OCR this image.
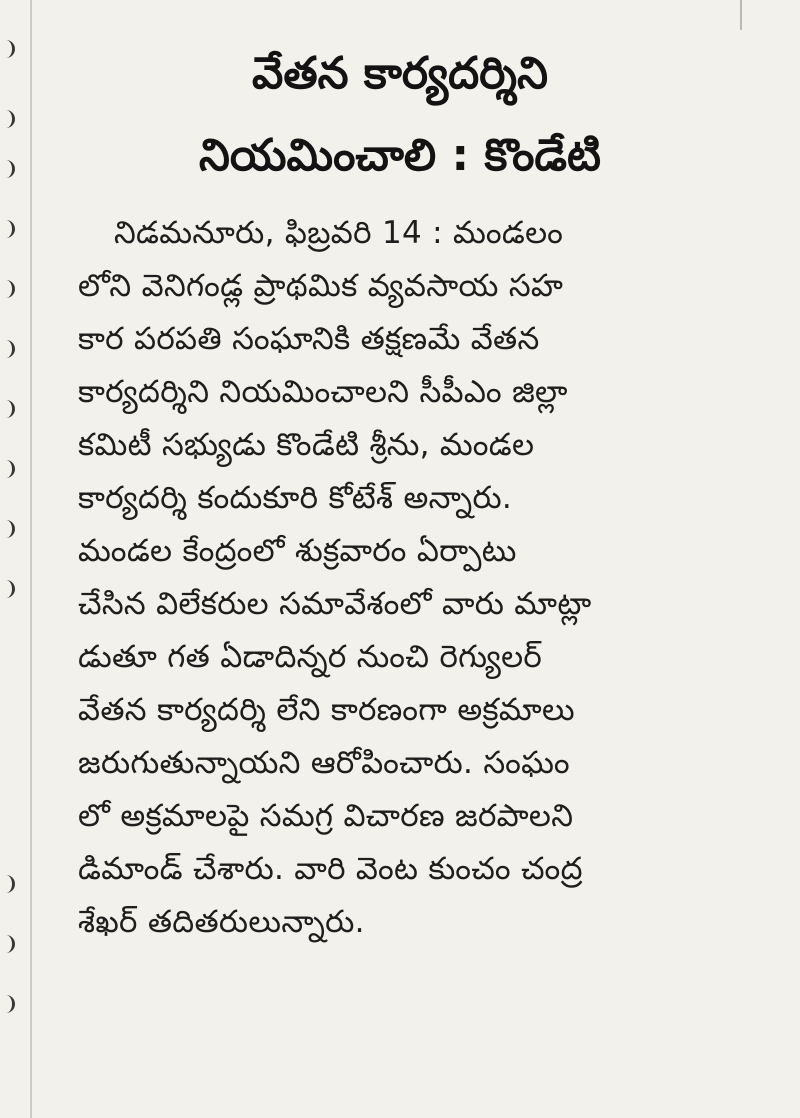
వేతన కార్యదర్శిని
నియమించాలి : కొండేటి
నిడమనూరు, ఫిబ్రవరి 14 : మండలం
లోని వెనిగండ్ల ప్రాథమిక వ్యవసాయ సహ
కార పరపతి సంఘానికి తక్షణమే వేతన
కార్యదర్శిని నియమించాలని సీపీఎం జిల్లా
కమిటీ సభ్యుడు కొండేటి శ్రీను, మండల
కార్యదర్శి కందుకూరి కోటేశ్ అన్నారు.
మండల కేంద్రంలో శుక్రవారం ఏర్పాటు
చేసిన విలేకరుల సమావేశంలో వారు మాట్లా
డుతూ గత ఏడాదిన్నర నుంచి రెగ్యులర్
వేతన కార్యదర్శి లేని కారణంగా అక్రమాలు
జరుగుతున్నాయని ఆరోపించారు. సంఘం
లో అక్రమాలపై సమగ్ర విచారణ జరపాలని
డిమాండ్ చేశారు. వారి వెంట కుంచం చంద్ర
శేఖర్ తదితరులున్నారు.
